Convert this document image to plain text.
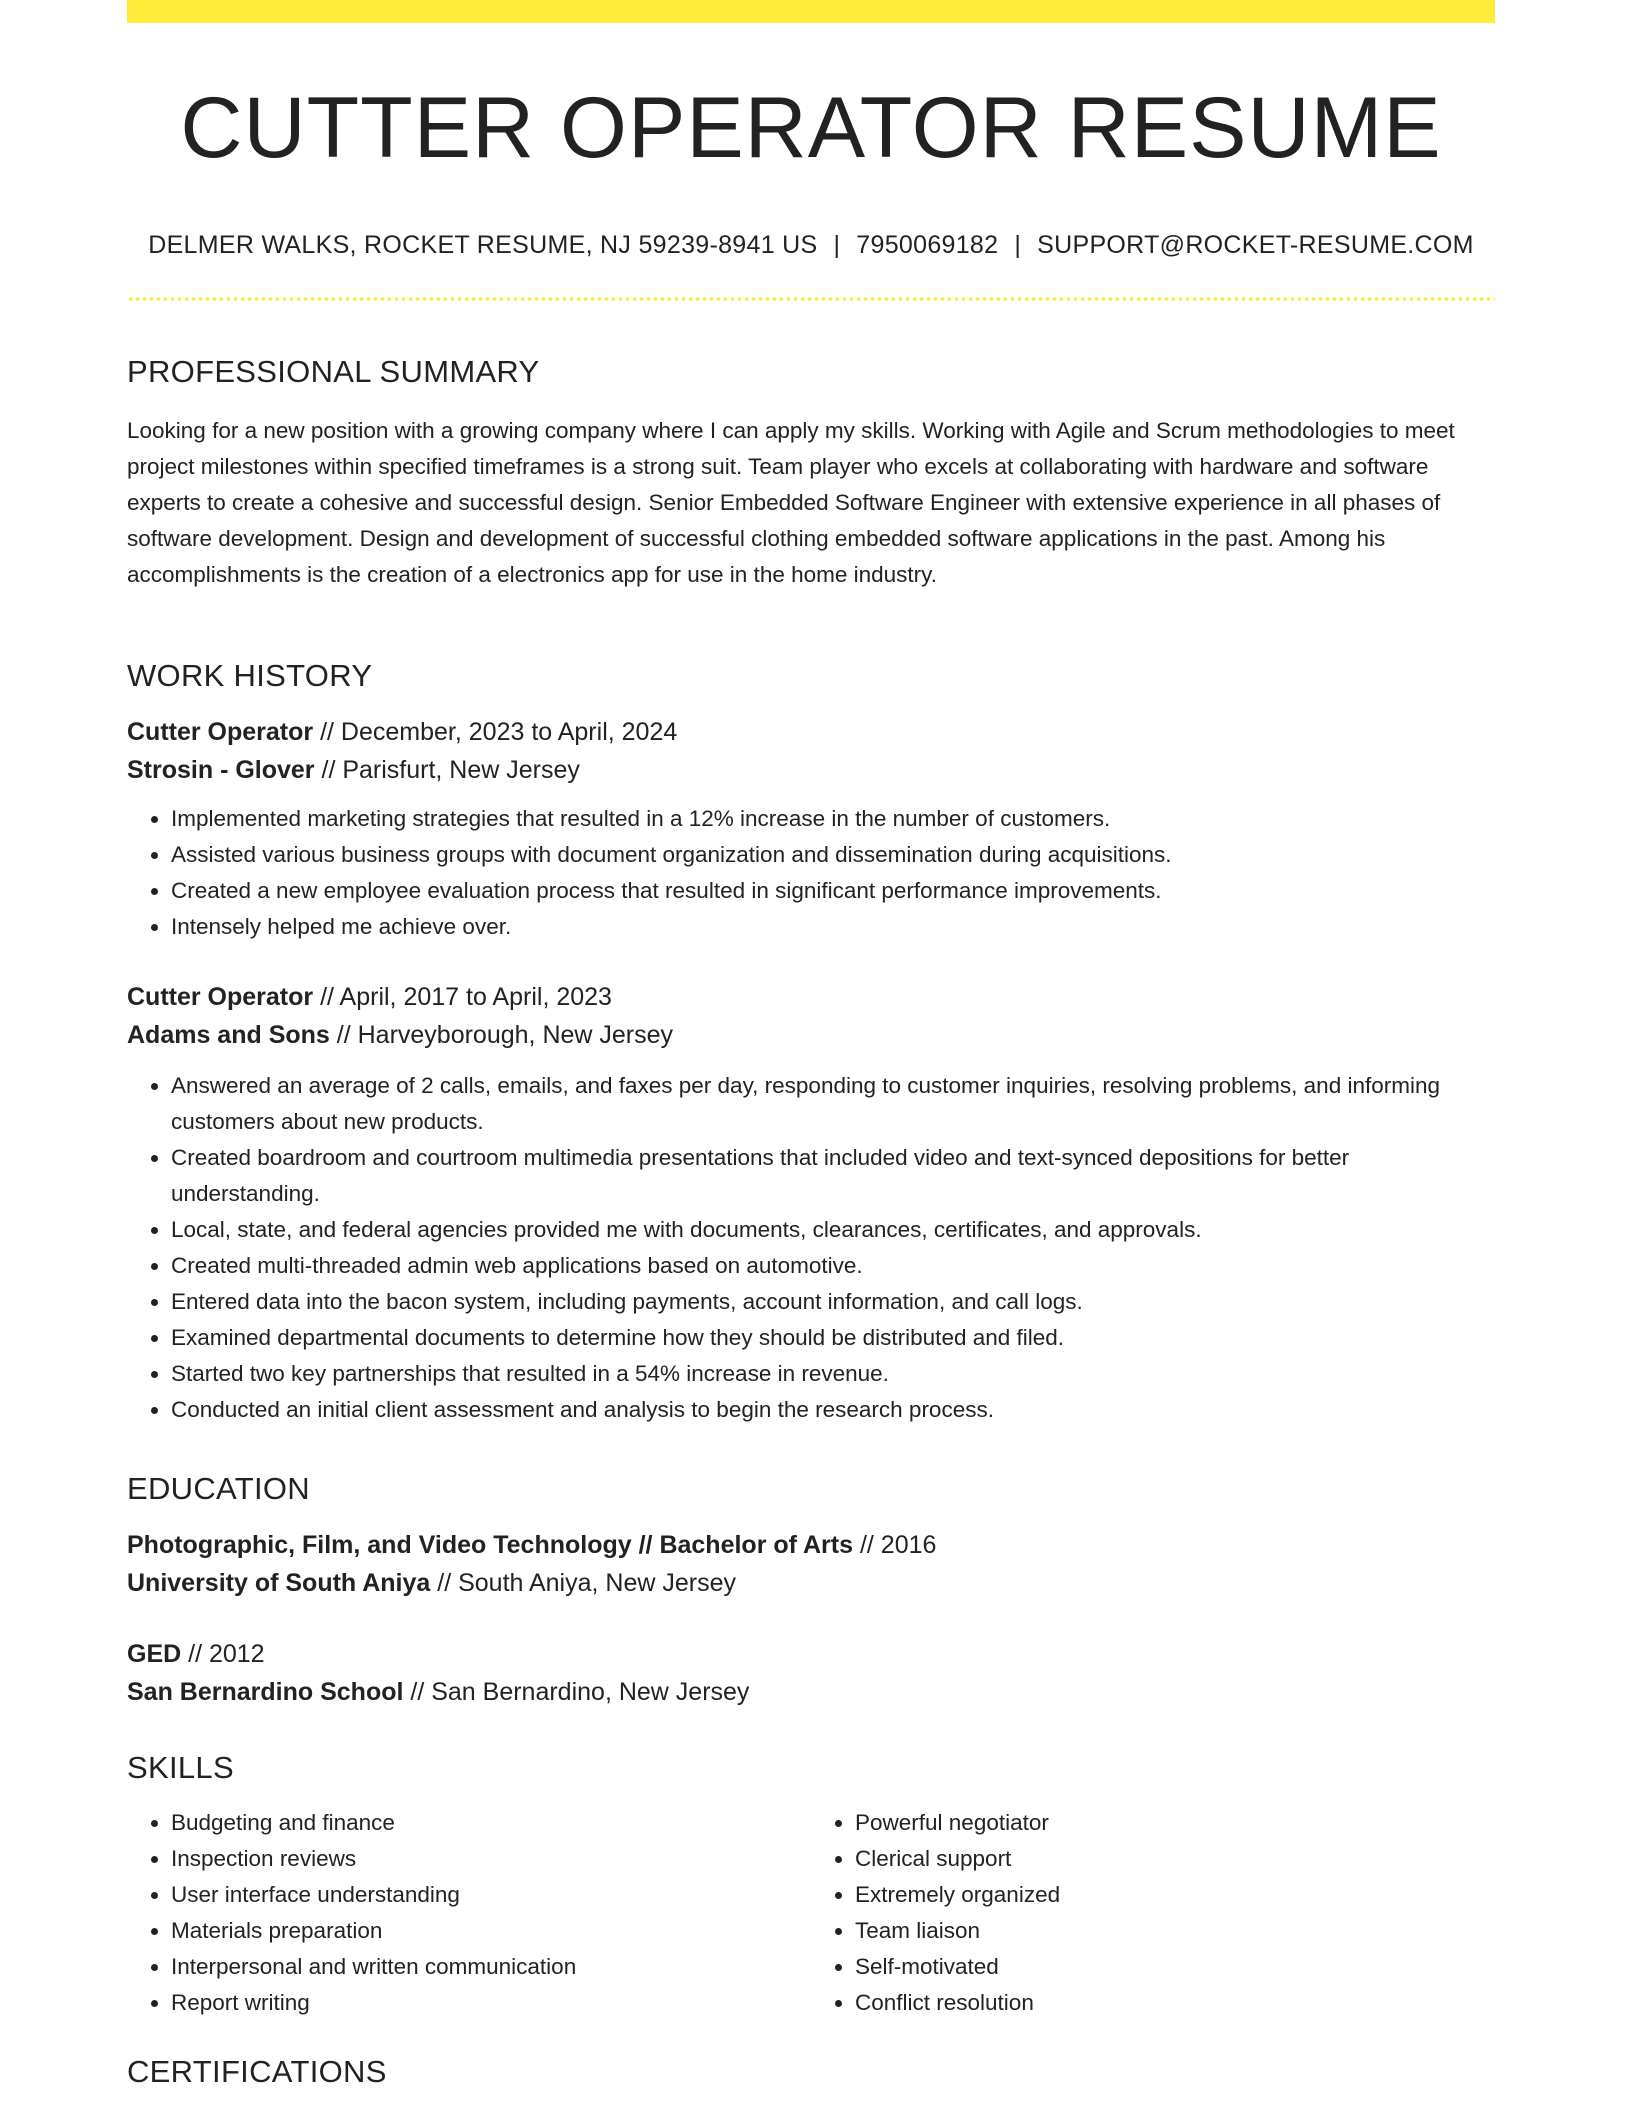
CUTTER OPERATOR RESUME
DELMER WALKS, ROCKET RESUME, NJ 59239-8941 US | 7950069182 | SUPPORT@ROCKET-RESUME.COM
PROFESSIONAL SUMMARY

Looking for a new position with a growing company where I can apply my skills. Working with Agile and Scrum methodologies to meet project milestones within specified timeframes is a strong suit. Team player who excels at collaborating with hardware and software experts to create a cohesive and successful design. Senior Embedded Software Engineer with extensive experience in all phases of software development. Design and development of successful clothing embedded software applications in the past. Among his accomplishments is the creation of a electronics app for use in the home industry.

WORK HISTORY
Cutter Operator // December, 2023 to April, 2024
Strosin - Glover // Parisfurt, New Jersey
• Implemented marketing strategies that resulted in a 12% increase in the number of customers.
• Assisted various business groups with document organization and dissemination during acquisitions.
• Created a new employee evaluation process that resulted in significant performance improvements.
• Intensely helped me achieve over.
Cutter Operator // April, 2017 to April, 2023
Adams and Sons // Harveyborough, New Jersey
• Answered an average of 2 calls, emails, and faxes per day, responding to customer inquiries, resolving problems, and informing customers about new products.
• Created boardroom and courtroom multimedia presentations that included video and text-synced depositions for better understanding.
• Local, state, and federal agencies provided me with documents, clearances, certificates, and approvals.
• Created multi-threaded admin web applications based on automotive.
• Entered data into the bacon system, including payments, account information, and call logs.
• Examined departmental documents to determine how they should be distributed and filed.
• Started two key partnerships that resulted in a 54% increase in revenue.
• Conducted an initial client assessment and analysis to begin the research process.
EDUCATION
Photographic, Film, and Video Technology // Bachelor of Arts // 2016
University of South Aniya // South Aniya, New Jersey
GED // 2012
San Bernardino School // San Bernardino, New Jersey
SKILLS
• Budgeting and finance
• Inspection reviews
• User interface understanding
• Materials preparation
• Interpersonal and written communication
• Report writing
• Powerful negotiator
• Clerical support
• Extremely organized
• Team liaison
• Self-motivated
• Conflict resolution
CERTIFICATIONS
